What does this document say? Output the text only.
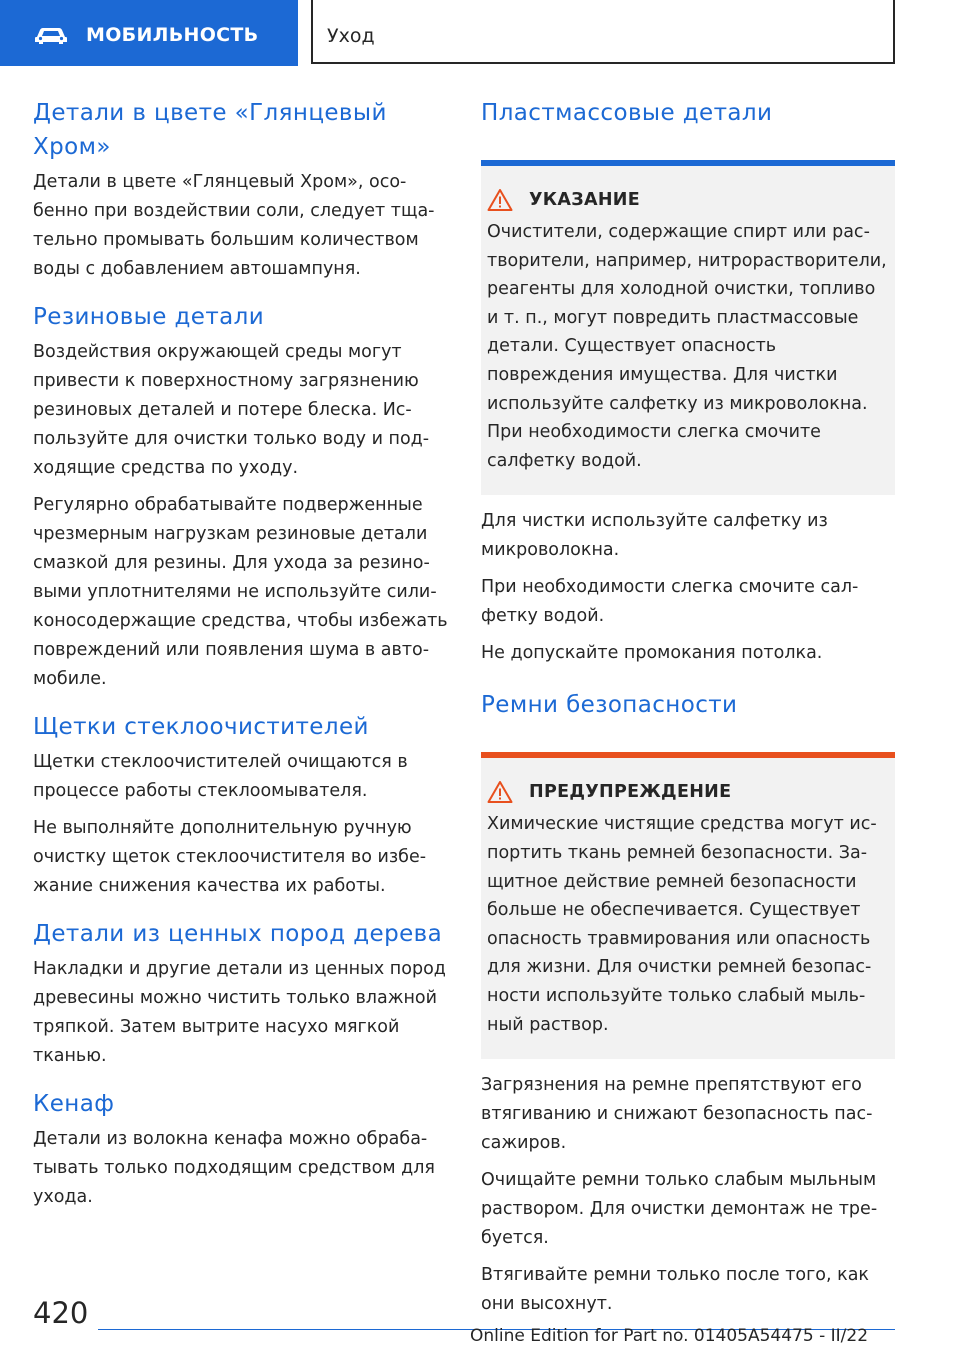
МОБИЛЬНОСТЬ	Уход
Детали в цвете «Глянцевый Хром»

Детали в цвете «Глянцевый Хром», особенно при воздействии соли, следует тщательно промывать большим количеством воды с добавлением автошампуня.

Резиновые детали

Воздействия окружающей среды могут привести к поверхностному загрязнению резиновых деталей и потере блеска. Используйте для очистки только воду и подходящие средства по уходу.

Регулярно обрабатывайте подверженные чрезмерным нагрузкам резиновые детали смазкой для резины. Для ухода за резиновыми уплотнителями не используйте силиконосодержащие средства, чтобы избежать повреждений или появления шума в автомобиле.

Щетки стеклоочистителей

Щетки стеклоочистителей очищаются в процессе работы стеклоомывателя.

Не выполняйте дополнительную ручную очистку щеток стеклоочистителя во избежание снижения качества их работы.

Детали из ценных пород дерева

Накладки и другие детали из ценных пород древесины можно чистить только влажной тряпкой. Затем вытрите насухо мягкой тканью.

Кенаф

Детали из волокна кенафа можно обрабатывать только подходящим средством для ухода.

Пластмассовые детали
УКАЗАНИЕ

Очистители, содержащие спирт или растворители, например, нитрорастворители, реагенты для холодной очистки, топливо и т. п., могут повредить пластмассовые детали. Существует опасность повреждения имущества. Для чистки используйте салфетку из микроволокна. При необходимости слегка смочите салфетку водой.

Для чистки используйте салфетку из микроволокна.

При необходимости слегка смочите салфетку водой.

Не допускайте промокания потолка.

Ремни безопасности
ПРЕДУПРЕЖДЕНИЕ

Химические чистящие средства могут испортить ткань ремней безопасности. Защитное действие ремней безопасности больше не обеспечивается. Существует опасность травмирования или опасность для жизни. Для очистки ремней безопасности используйте только слабый мыльный раствор.

Загрязнения на ремне препятствуют его втягиванию и снижают безопасность пассажиров.

Очищайте ремни только слабым мыльным раствором. Для очистки демонтаж не требуется.

Втягивайте ремни только после того, как они высохнут.

420
Online Edition for Part no. 01405A54475 - II/22
